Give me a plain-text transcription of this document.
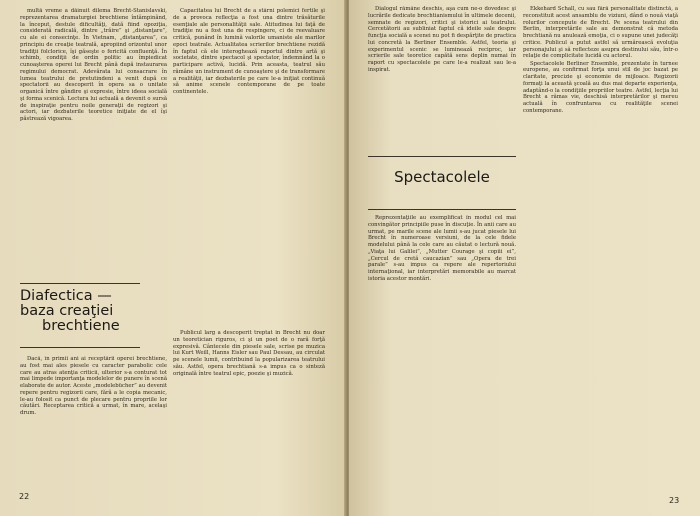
multă vreme a dăinuit dilema Brecht-Stanislavski, reprezentarea dramaturgiei brechtiene întâmpinând, la început, destule dificultăţi, dată fiind opoziţia, considerată radicală, dintre „trăire” şi „distanţare”, cu ale ei consecinţe. În Vietnam, „distanţarea”, ca principiu de creaţie teatrală, apropiind orizontul unor tradiţii folclorice, îşi găseşte o fericită confluenţă. În schimb, condiţii de ordin politic au împiedicat cunoaşterea operei lui Brecht până după instaurarea regimului democrat. Adevărata lui consacrare în lumea teatrului de pretutindeni a venit după ce spectatorii au descoperit în opera sa o unitate organică între gândire şi expresie, între ideea socială şi forma scenică. Lectura lui actuală a devenit o sursă de inspiraţie pentru noile generaţii de regizori şi actori, iar dezbaterile teoretice iniţiate de el îşi păstrează vigoarea.

Capacitatea lui Brecht de a stârni polemici fertile şi de a provoca reflecţia a fost una dintre trăsăturile esenţiale ale personalităţii sale. Atitudinea lui faţă de tradiţie nu a fost una de respingere, ci de reevaluare critică, punând în lumină valorile umaniste ale marilor epoci teatrale. Actualitatea scrierilor brechtiene rezidă în faptul că ele interoghează raportul dintre artă şi societate, dintre spectacol şi spectator, îndemnând la o participare activă, lucidă. Prin aceasta, teatrul său rămâne un instrument de cunoaştere şi de transformare a realităţii, iar dezbaterile pe care le-a iniţiat continuă să anime scenele contemporane de pe toate continentele.

Diafectica —
baza creaţiei
brechtiene

Dacă, în primii ani ai receptării operei brechtiene, au fost mai ales piesele cu caracter parabolic cele care au atras atenţia criticii, ulterior s-a conturat tot mai limpede importanţa modelelor de punere în scenă elaborate de autor. Aceste „modelebücher” au devenit repere pentru regizorii care, fără a le copia mecanic, le-au folosit ca punct de plecare pentru propriile lor căutări. Receptarea critică a urmat, în mare, acelaşi drum.

Publicul larg a descoperit treptat în Brecht nu doar un teoretician riguros, ci şi un poet de o rară forţă expresivă. Cântecele din piesele sale, scrise pe muzica lui Kurt Weill, Hanns Eisler sau Paul Dessau, au circulat pe scenele lumii, contribuind la popularizarea teatrului său. Astfel, opera brechtiană s-a impus ca o sinteză originală între teatrul epic, poezie şi muzică.

22

Dialogul rămâne deschis, aşa cum ne-o dovedesc şi lucrările dedicate brechtianismului în ultimele decenii, semnate de regizori, critici şi istorici ai teatrului. Cercetătorii au subliniat faptul că ideile sale despre funcţia socială a scenei nu pot fi despărţite de practica lui concretă la Berliner Ensemble. Astfel, teoria şi experimentul scenic se luminează reciproc, iar scrierile sale teoretice capătă sens deplin numai în raport cu spectacolele pe care le-a realizat sau le-a inspirat.

Ekkehard Schall, cu sau fără personalitate distinctă, a reconstituit acest ansamblu de viziuni, dând o nouă viaţă rolurilor concepute de Brecht. Pe scena teatrului din Berlin, interpretările sale au demonstrat că metoda brechtiană nu anulează emoţia, ci o supune unei judecăţi critice. Publicul a putut astfel să urmărească evoluţia personajului şi să reflecteze asupra destinului său, într-o relaţie de complicitate lucidă cu actorul.

Spectacolele Berliner Ensemble, prezentate în turnee europene, au confirmat forţa unui stil de joc bazat pe claritate, precizie şi economie de mijloace. Regizorii formaţi la această şcoală au dus mai departe experienţa, adaptând-o la condiţiile propriilor teatre. Astfel, lecţia lui Brecht a rămas vie, deschisă interpretărilor şi mereu actuală în confruntarea cu realităţile scenei contemporane.

Spectacolele

Reprezentaţiile au exemplificat în modul cel mai convingător principiile puse în discuţie. În anii care au urmat, pe marile scene ale lumii s-au jucat piesele lui Brecht în numeroase versiuni, de la cele fidele modelului până la cele care au căutat o lectură nouă. „Viaţa lui Galilei”, „Mutter Courage şi copiii ei”, „Cercul de cretă caucazian” sau „Opera de trei parale” s-au impus ca repere ale repertoriului internaţional, iar interpretări memorabile au marcat istoria acestor montări.

23
